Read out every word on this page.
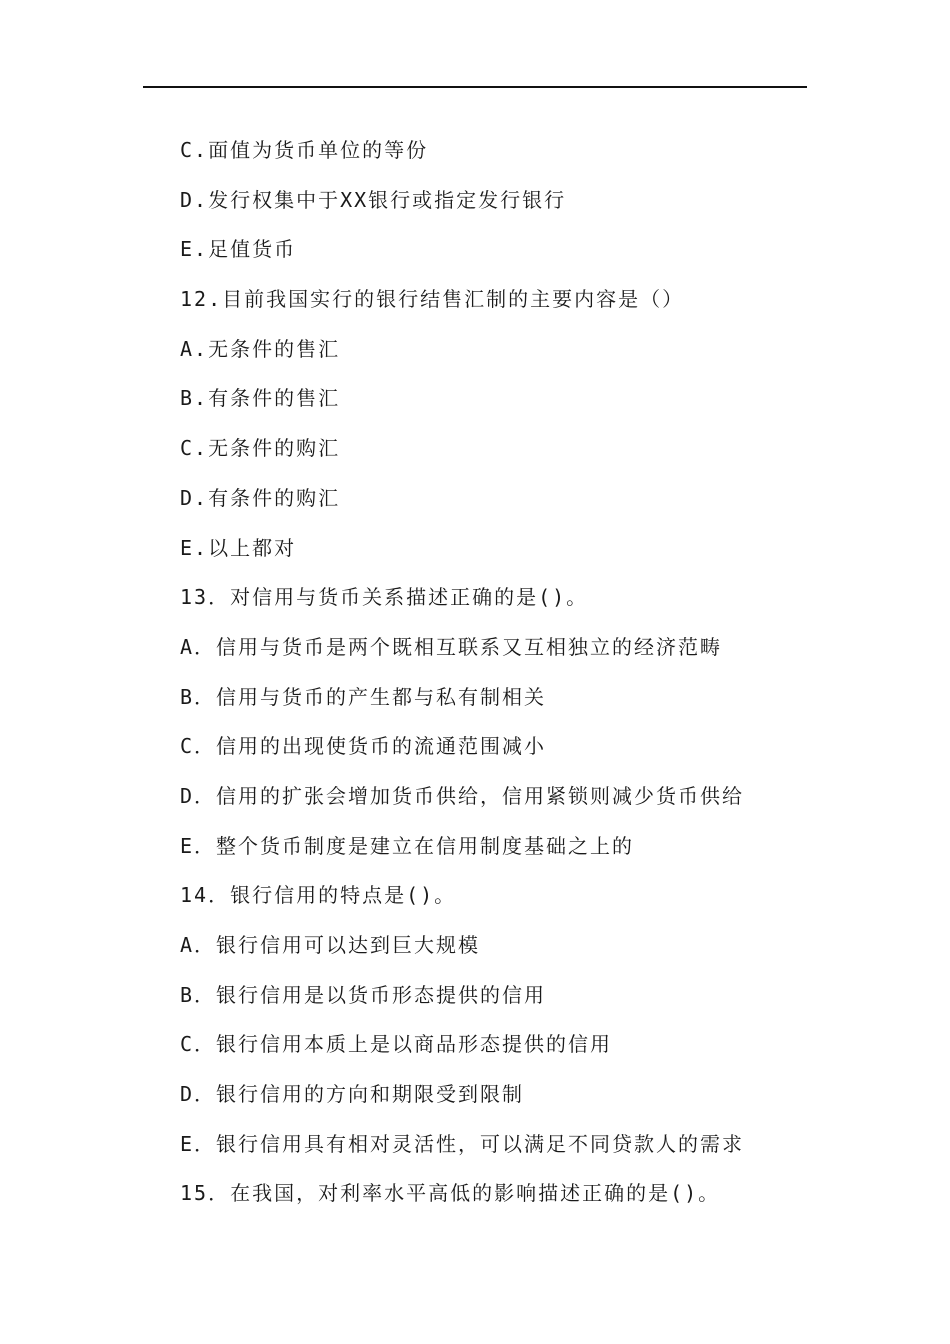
C.面值为货币单位的等份
D.发行权集中于XX银行或指定发行银行
E.足值货币
12.目前我国实行的银行结售汇制的主要内容是（）
A.无条件的售汇
B.有条件的售汇
C.无条件的购汇
D.有条件的购汇
E.以上都对
13．对信用与货币关系描述正确的是()。
A．信用与货币是两个既相互联系又互相独立的经济范畴
B．信用与货币的产生都与私有制相关
C．信用的出现使货币的流通范围减小
D．信用的扩张会增加货币供给，信用紧锁则减少货币供给
E．整个货币制度是建立在信用制度基础之上的
14．银行信用的特点是()。
A．银行信用可以达到巨大规模
B．银行信用是以货币形态提供的信用
C．银行信用本质上是以商品形态提供的信用
D．银行信用的方向和期限受到限制
E．银行信用具有相对灵活性，可以满足不同贷款人的需求
15．在我国，对利率水平高低的影响描述正确的是()。
